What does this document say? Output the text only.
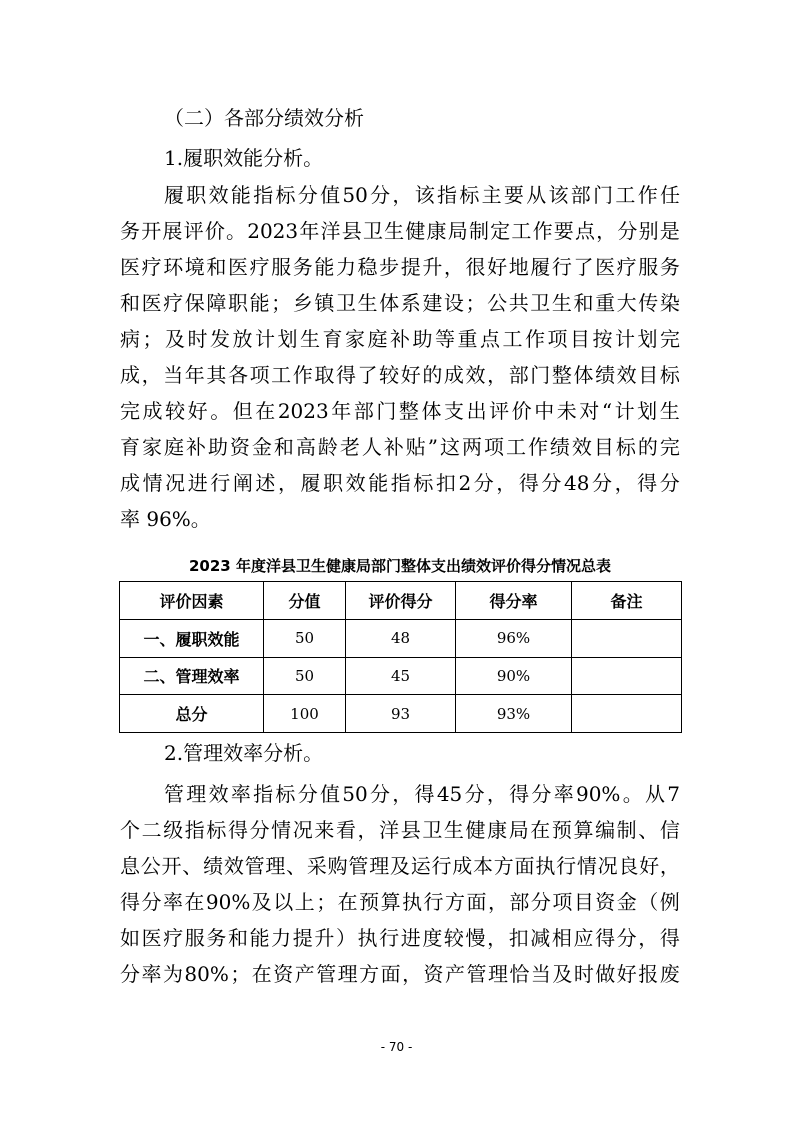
（二）各部分绩效分析
1.履职效能分析。
履 职 效 能 指 标 分 值 50 分 ， 该 指 标 主 要 从 该 部 门 工 作 任
务 开 展 评 价 。 2023 年 洋 县 卫 生 健 康 局 制 定 工 作 要 点 ， 分 别 是
医 疗 环 境 和 医 疗 服 务 能 力 稳 步 提 升 ， 很 好 地 履 行 了 医 疗 服 务
和 医 疗 保 障 职 能 ； 乡 镇 卫 生 体 系 建 设 ； 公 共 卫 生 和 重 大 传 染
病 ； 及 时 发 放 计 划 生 育 家 庭 补 助 等 重 点 工 作 项 目 按 计 划 完
成 ， 当 年 其 各 项 工 作 取 得 了 较 好 的 成 效 ， 部 门 整 体 绩 效 目 标
完 成 较 好 。 但 在 2023 年 部 门 整 体 支 出 评 价 中 未 对 “ 计 划 生
育 家 庭 补 助 资 金 和 高 龄 老 人 补 贴 ” 这 两 项 工 作 绩 效 目 标 的 完
成 情 况 进 行 阐 述 ， 履 职 效 能 指 标 扣 2 分 ， 得 分 48 分 ， 得 分
率 96%。
2023 年度洋县卫生健康局部门整体支出绩效评价得分情况总表
评价因素	分值	评价得分	得分率	备注
一、履职效能	50	48	96%	
二、管理效率	50	45	90%	
总分	100	93	93%	
2.管理效率分析。
管 理 效 率 指 标 分 值 50 分 ， 得 45 分 ， 得 分 率 90% 。 从 7
个 二 级 指 标 得 分 情 况 来 看 ， 洋 县 卫 生 健 康 局 在 预 算 编 制 、 信
息 公 开 、 绩 效 管 理 、 采 购 管 理 及 运 行 成 本 方 面 执 行 情 况 良 好 ，
得 分 率 在 90% 及 以 上 ； 在 预 算 执 行 方 面 ， 部 分 项 目 资 金 （ 例
如 医 疗 服 务 和 能 力 提 升 ） 执 行 进 度 较 慢 ， 扣 减 相 应 得 分 ， 得
分 率 为 80% ； 在 资 产 管 理 方 面 ， 资 产 管 理 恰 当 及 时 做 好 报 废
- 70 -
